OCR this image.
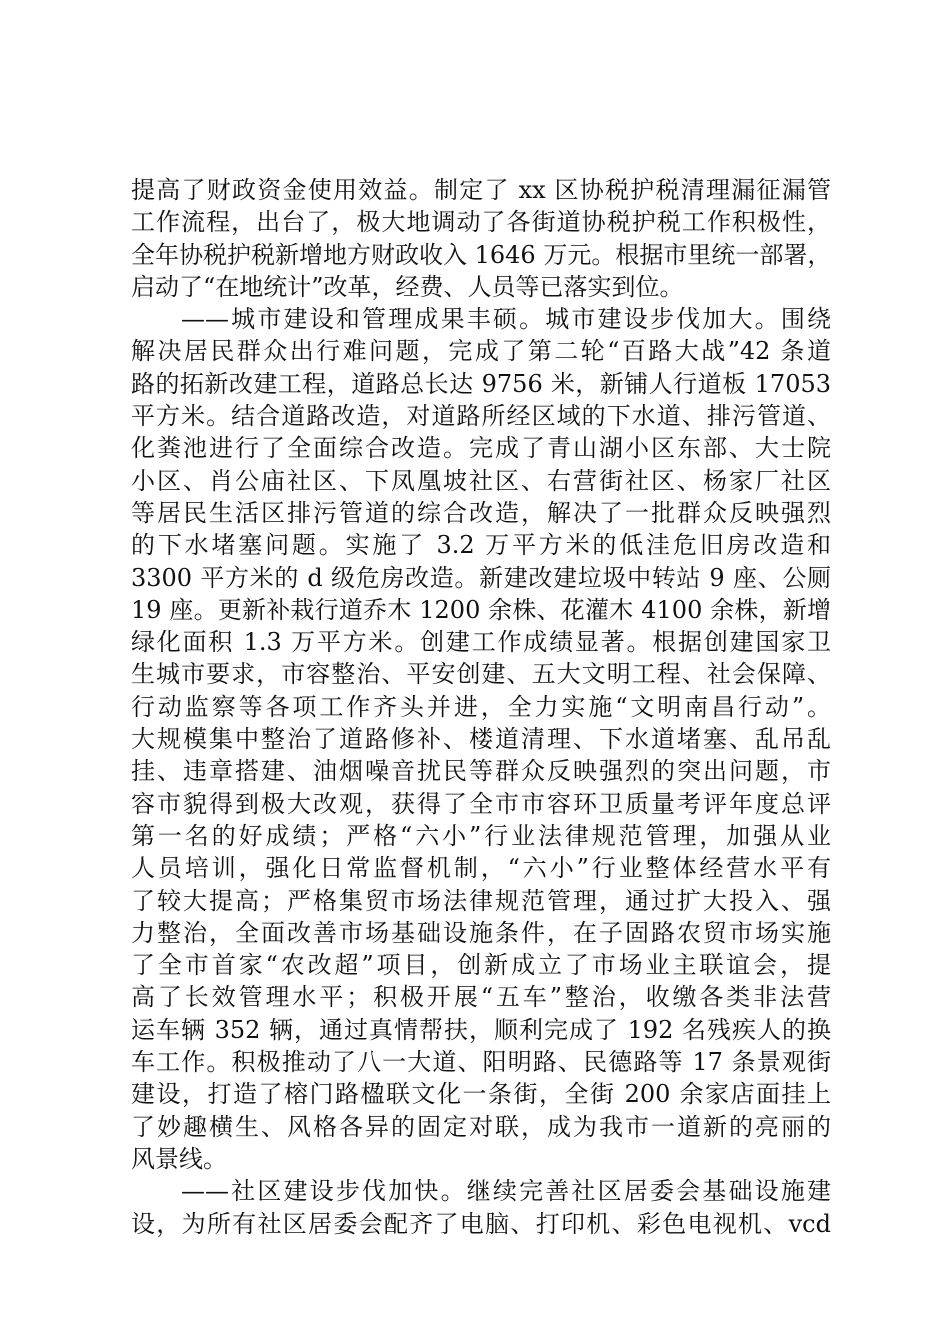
提高了财政资金使用效益。制定了 xx 区协税护税清理漏征漏管
工作流程，出台了，极大地调动了各街道协税护税工作积极性，
全年协税护税新增地方财政收入 1646 万元。根据市里统一部署，
启动了“在地统计”改革，经费、人员等已落实到位。
——城市建设和管理成果丰硕。城市建设步伐加大。围绕
解决居民群众出行难问题，完成了第二轮“百路大战”42 条道
路的拓新改建工程，道路总长达 9756 米，新铺人行道板 17053
平方米。结合道路改造，对道路所经区域的下水道、排污管道、
化粪池进行了全面综合改造。完成了青山湖小区东部、大士院
小区、肖公庙社区、下凤凰坡社区、右营街社区、杨家厂社区
等居民生活区排污管道的综合改造，解决了一批群众反映强烈
的下水堵塞问题。实施了 3.2 万平方米的低洼危旧房改造和
3300 平方米的 d 级危房改造。新建改建垃圾中转站 9 座、公厕
19 座。更新补栽行道乔木 1200 余株、花灌木 4100 余株，新增
绿化面积 1.3 万平方米。创建工作成绩显著。根据创建国家卫
生城市要求，市容整治、平安创建、五大文明工程、社会保障、
行动监察等各项工作齐头并进，全力实施“文明南昌行动”。
大规模集中整治了道路修补、楼道清理、下水道堵塞、乱吊乱
挂、违章搭建、油烟噪音扰民等群众反映强烈的突出问题，市
容市貌得到极大改观，获得了全市市容环卫质量考评年度总评
第一名的好成绩；严格“六小”行业法律规范管理，加强从业
人员培训，强化日常监督机制，“六小”行业整体经营水平有
了较大提高；严格集贸市场法律规范管理，通过扩大投入、强
力整治，全面改善市场基础设施条件，在子固路农贸市场实施
了全市首家“农改超”项目，创新成立了市场业主联谊会，提
高了长效管理水平；积极开展“五车”整治，收缴各类非法营
运车辆 352 辆，通过真情帮扶，顺利完成了 192 名残疾人的换
车工作。积极推动了八一大道、阳明路、民德路等 17 条景观街
建设，打造了榕门路楹联文化一条街，全街 200 余家店面挂上
了妙趣横生、风格各异的固定对联，成为我市一道新的亮丽的
风景线。
——社区建设步伐加快。继续完善社区居委会基础设施建
设，为所有社区居委会配齐了电脑、打印机、彩色电视机、vcd
